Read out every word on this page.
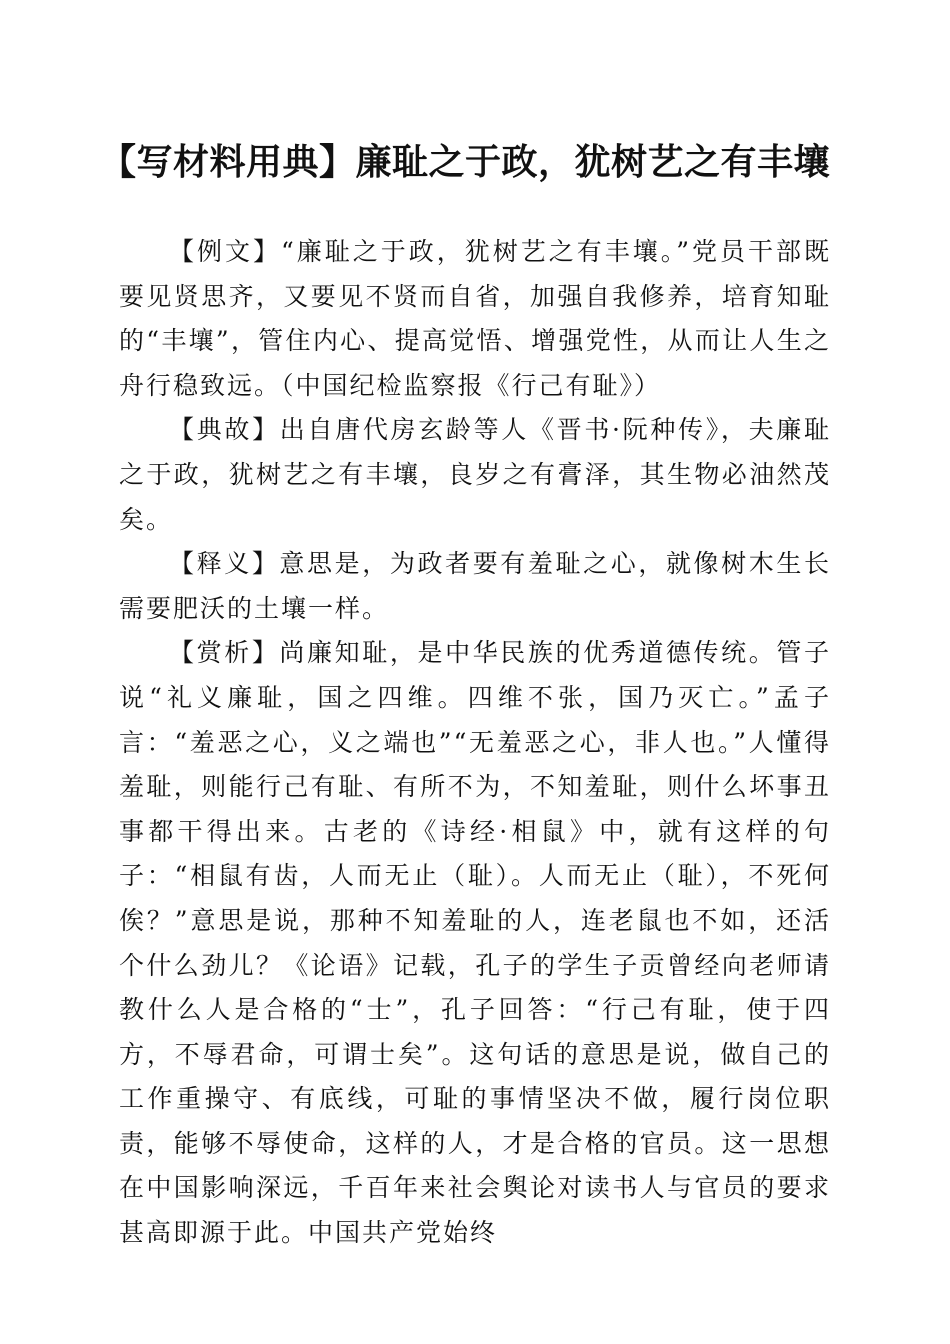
【写材料用典】廉耻之于政，犹树艺之有丰壤

【例文】“廉耻之于政，犹树艺之有丰壤。”党员干部既要见贤思齐，又要见不贤而自省，加强自我修养，培育知耻的“丰壤”，管住内心、提高觉悟、增强党性，从而让人生之舟行稳致远。（中国纪检监察报《行己有耻》）

【典故】出自唐代房玄龄等人《晋书·阮种传》，夫廉耻之于政，犹树艺之有丰壤，良岁之有膏泽，其生物必油然茂矣。

【释义】意思是，为政者要有羞耻之心，就像树木生长需要肥沃的土壤一样。

【赏析】尚廉知耻，是中华民族的优秀道德传统。管子说“礼义廉耻，国之四维。四维不张，国乃灭亡。”孟子言：“羞恶之心，义之端也”“无羞恶之心，非人也。”人懂得羞耻，则能行己有耻、有所不为，不知羞耻，则什么坏事丑事都干得出来。古老的《诗经·相鼠》中，就有这样的句子：“相鼠有齿，人而无止（耻）。人而无止（耻），不死何俟？”意思是说，那种不知羞耻的人，连老鼠也不如，还活个什么劲儿？《论语》记载，孔子的学生子贡曾经向老师请教什么人是合格的“士”，孔子回答：“行己有耻，使于四方，不辱君命，可谓士矣”。这句话的意思是说，做自己的工作重操守、有底线，可耻的事情坚决不做，履行岗位职责，能够不辱使命，这样的人，才是合格的官员。这一思想在中国影响深远，千百年来社会舆论对读书人与官员的要求甚高即源于此。中国共产党始终
